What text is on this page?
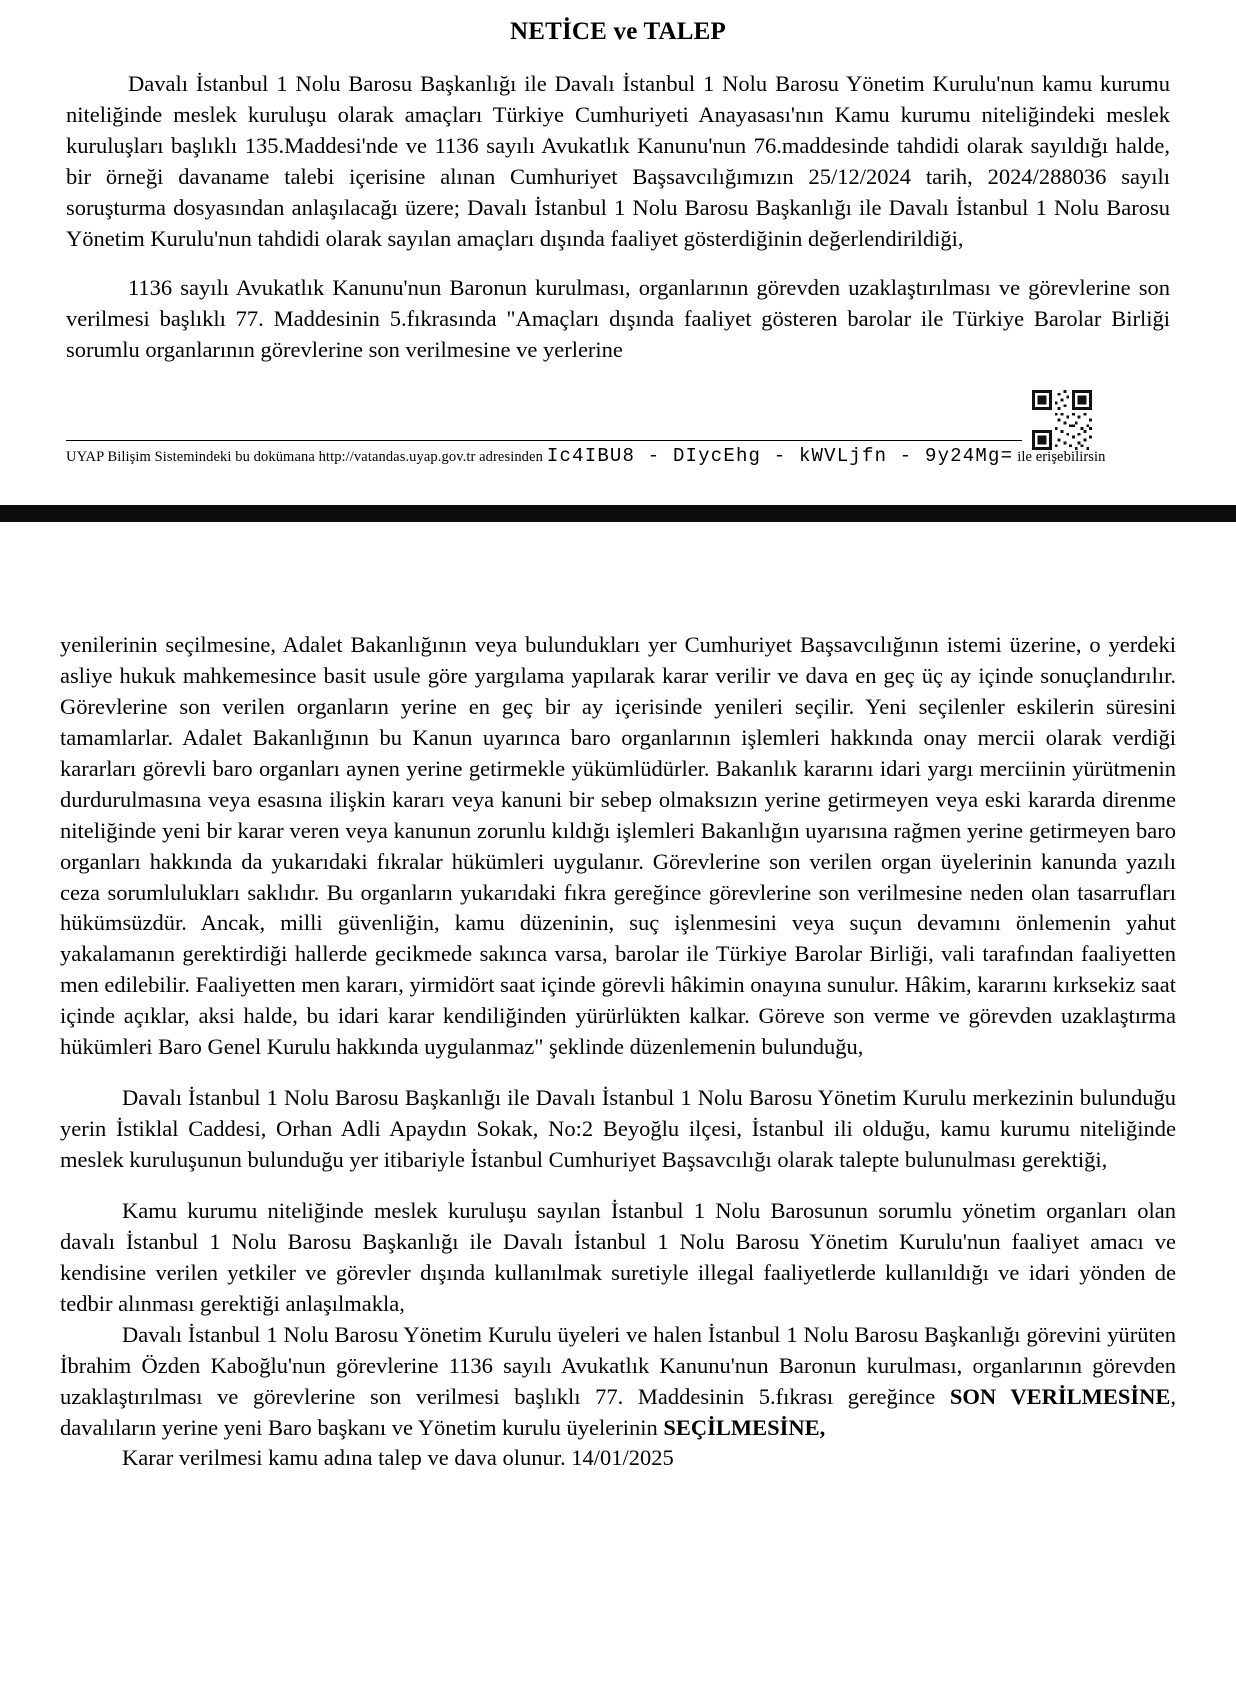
NETİCE ve TALEP

Davalı İstanbul 1 Nolu Barosu Başkanlığı ile Davalı İstanbul 1 Nolu Barosu Yönetim Kurulu'nun kamu kurumu niteliğinde meslek kuruluşu olarak amaçları Türkiye Cumhuriyeti Anayasası'nın Kamu kurumu niteliğindeki meslek kuruluşları başlıklı 135.Maddesi'nde ve 1136 sayılı Avukatlık Kanunu'nun 76.maddesinde tahdidi olarak sayıldığı halde, bir örneği davaname talebi içerisine alınan Cumhuriyet Başsavcılığımızın 25/12/2024 tarih, 2024/288036 sayılı soruşturma dosyasından anlaşılacağı üzere; Davalı İstanbul 1 Nolu Barosu Başkanlığı ile Davalı İstanbul 1 Nolu Barosu Yönetim Kurulu'nun tahdidi olarak sayılan amaçları dışında faaliyet gösterdiğinin değerlendirildiği,

1136 sayılı Avukatlık Kanunu'nun Baronun kurulması, organlarının görevden uzaklaştırılması ve görevlerine son verilmesi başlıklı 77. Maddesinin 5.fıkrasında "Amaçları dışında faaliyet gösteren barolar ile Türkiye Barolar Birliği sorumlu organlarının görevlerine son verilmesine ve yerlerine

UYAP Bilişim Sistemindeki bu dokümana http://vatandas.uyap.gov.tr adresinden Ic4IBU8 - DIycEhg - kWVLjfn - 9y24Mg= ile erişebilirsin

yenilerinin seçilmesine, Adalet Bakanlığının veya bulundukları yer Cumhuriyet Başsavcılığının istemi üzerine, o yerdeki asliye hukuk mahkemesince basit usule göre yargılama yapılarak karar verilir ve dava en geç üç ay içinde sonuçlandırılır. Görevlerine son verilen organların yerine en geç bir ay içerisinde yenileri seçilir. Yeni seçilenler eskilerin süresini tamamlarlar. Adalet Bakanlığının bu Kanun uyarınca baro organlarının işlemleri hakkında onay mercii olarak verdiği kararları görevli baro organları aynen yerine getirmekle yükümlüdürler. Bakanlık kararını idari yargı merciinin yürütmenin durdurulmasına veya esasına ilişkin kararı veya kanuni bir sebep olmaksızın yerine getirmeyen veya eski kararda direnme niteliğinde yeni bir karar veren veya kanunun zorunlu kıldığı işlemleri Bakanlığın uyarısına rağmen yerine getirmeyen baro organları hakkında da yukarıdaki fıkralar hükümleri uygulanır. Görevlerine son verilen organ üyelerinin kanunda yazılı ceza sorumlulukları saklıdır. Bu organların yukarıdaki fıkra gereğince görevlerine son verilmesine neden olan tasarrufları hükümsüzdür. Ancak, milli güvenliğin, kamu düzeninin, suç işlenmesini veya suçun devamını önlemenin yahut yakalamanın gerektirdiği hallerde gecikmede sakınca varsa, barolar ile Türkiye Barolar Birliği, vali tarafından faaliyetten men edilebilir. Faaliyetten men kararı, yirmidört saat içinde görevli hâkimin onayına sunulur. Hâkim, kararını kırksekiz saat içinde açıklar, aksi halde, bu idari karar kendiliğinden yürürlükten kalkar. Göreve son verme ve görevden uzaklaştırma hükümleri Baro Genel Kurulu hakkında uygulanmaz" şeklinde düzenlemenin bulunduğu,

Davalı İstanbul 1 Nolu Barosu Başkanlığı ile Davalı İstanbul 1 Nolu Barosu Yönetim Kurulu merkezinin bulunduğu yerin İstiklal Caddesi, Orhan Adli Apaydın Sokak, No:2 Beyoğlu ilçesi, İstanbul ili olduğu, kamu kurumu niteliğinde meslek kuruluşunun bulunduğu yer itibariyle İstanbul Cumhuriyet Başsavcılığı olarak talepte bulunulması gerektiği,

Kamu kurumu niteliğinde meslek kuruluşu sayılan İstanbul 1 Nolu Barosunun sorumlu yönetim organları olan davalı İstanbul 1 Nolu Barosu Başkanlığı ile Davalı İstanbul 1 Nolu Barosu Yönetim Kurulu'nun faaliyet amacı ve kendisine verilen yetkiler ve görevler dışında kullanılmak suretiyle illegal faaliyetlerde kullanıldığı ve idari yönden de tedbir alınması gerektiği anlaşılmakla,

Davalı İstanbul 1 Nolu Barosu Yönetim Kurulu üyeleri ve halen İstanbul 1 Nolu Barosu Başkanlığı görevini yürüten İbrahim Özden Kaboğlu'nun görevlerine 1136 sayılı Avukatlık Kanunu'nun Baronun kurulması, organlarının görevden uzaklaştırılması ve görevlerine son verilmesi başlıklı 77. Maddesinin 5.fıkrası gereğince SON VERİLMESİNE, davalıların yerine yeni Baro başkanı ve Yönetim kurulu üyelerinin SEÇİLMESİNE,

Karar verilmesi kamu adına talep ve dava olunur. 14/01/2025
